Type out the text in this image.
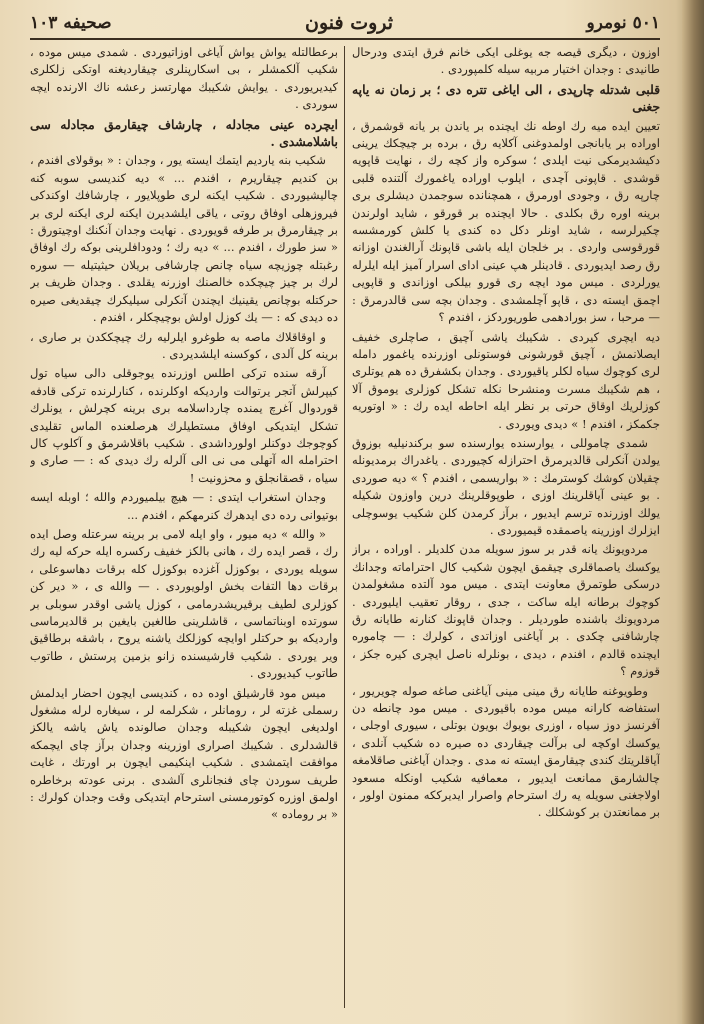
٥٠١ نومرو
ثروت فنون
صحيفه ١٠٣

اوزون ، ديگرى قيصه جه يوغلى ايكى خانم فرق ايتدى ودرحال طانيدى : وجدان اختيار مربيه سيله كلمپوردى .

قلبى شدتله چارپدى ، الى اياغى تتره دى ؛ بر زمان نه ياپه جغنى

تعيين ايده ميه رك اوطه نك ايچنده بر ياندن بر يانه قوشمرق ، اوراده بر يابانجى اولمدوغنى آكلايه رق ، برده بر چيچكك يرينى دكيشديرمكى نيت ايلدى ؛ سوكره واز كچه رك ، نهايت قاپويه قوشدى . قاپونى آچدى ، ايلوب اوراده ياغمورك آلتنده قلبى چارپه رق ، وجودى اورمرق ، همچنانده سوجمدن ديشلرى برى برينه اوره رق بكلدى . حالا ايچنده بر قورقو ، شايد اولرندن چكيرلرسه ، شايد اونلر دكل ده كندى يا كلش كورمشسه قورقوسى واردى . بر خلجان ايله باشى قاپونك آرالغندن اوزانه رق رصد ايديوردى . قادينلر هپ عينى اداى اسرار آميز ايله ايلرله يورلردى . ميس مود ايچه رى قورو بيلكى اوزاندى و قاپويى اچمق ايسته دى ، قاپو آچلمشدى . وجدان بچه سى قالدرمرق : — مرحبا ، سز بورادهمى طوريوردكز ، افندم ؟

ديه ايچرى كيردى . شكيبك ياشى آچيق ، صاچلرى خفيف ايصلانمش ، آچيق قورشونى فوستونلى اوزرنده ياغمور دامله لرى كوچوك سياه لكلر ياقيوردى . وجدان بكشفرق ده هم يوتلرى ، هم شكيبك مسرت ومنشرحا نكله تشكل كوزلرى يوموق آلا كوزلريك اوقاق حرتى بر نظر ايله احاطه ايده رك : « اوتوريه جكمكز ، افندم ! » ديدى ويوردى .

شمدى چاموللى ، يوارسنده يوارسنده سو بركندنيليه بوزوق يولدن آنكرلى قالديرمرق احترازله كچيوردى . ياغدراك برمديونله چقيلان كوشك كوسترمك : « بواريسمى ، افندم ؟ » ديه صوردى . بو عينى آياقلرينك اوزى ، طوپوقلرينك درين واوزون شكيله يولك اوزرنده ترسم ايديور ، برآز كرمدن كلن شكيب يوسوچلى ايزلرك اوزرينه ياصمقده قيميوردى .

مردويونك يانه قدر بر سوز سويله مدن كلديلر . اوراده ، براز يوكسك ياصماقلرى چيقمق ايچون شكيب كال احتراماته وجدانك درسكى طوتمرق معاونت ايتدى . ميس مود آلتده مشغولمدن كوچوك برطانه ايله ساكت ، جدى ، روقار تعقيب ايليوردى . مردويونك باشنده طورديلر . وجدان قاپونك كنارنه طايانه رق چارشافنى چكدى . بر آياغنى اوزاتدى ، كولرك : — چاموره ايچنده قالدم ، افندم ، ديدى ، بونلرله ناصل ايچرى كيره جكز ، قوزوم ؟

وطويوغنه طايانه رق مينى مينى آياغنى صاغه صوله چويريور ، استفاضه كارانه ميس موده باقيوردى . ميس مود چانطه دن آفرنسز دوز سياه ، اوزرى بويوك بويون بوتلى ، سيورى اوجلى ، يوكسك اوكچه لى برآلت چيقاردى ده صيره ده شكيب آنلدى ، آياقلريتك كندى چيقارمق ايسته نه مدى . وجدان آياغنى صاقلامغه چالشارمق ممانعت ايديور ، معمافيه شكيب اونكله مسعود اولاجغنى سويله يه رك استرحام واصرار ايديرككه ممنون اولور ، بر ممانعتدن بر كوشكلك .

برعطالتله يواش يواش آياغى اوزاتيوردى . شمدى ميس موده ، شكيب آلكمشلر ، بى اسكارپنلرى چيقارديغنه اوتكى زلكلرى كيديريوردى . يوايش شكيبك مهارتسز رعشه ناك الارنده ايچه سوردى .

ايچرده عينى مجادله ، چارشاف چيقارمق مجادله سى باشلامشدى .

شكيب بنه يارديم ايتمك ايسته يور ، وجدان : « بوقولاى افندم ، بن كنديم چيقاريرم ، افندم ... » ديه كنديسى سوبه كنه چاليشيوردى . شكيب ايكنه لرى طوپلايور ، چارشافك اوكندكى فيروزهلى اوفاق روتى ، ياقى ايلشديرن ايكنه لرى ايكنه لرى بر بر چيقارمرق بر طرفه قويوردى . نهايت وجدان آنكنك اوچيتورق : « سز طورك ، افندم ... » ديه رك ؛ ودودافلرينى بوكه رك اوفاق رغبتله چوزيچه سياه چانص چارشافى بريلان حيثيتيله — سوره لرك بر چيز چيچكده خالصنك اوزرنه يقلدى . وجدان ظريف بر حركتله بوچانص يقينيك ايچندن آنكرلى سيليكرك چيقديغى صيره ده ديدى كه : — يك كوزل اولش بوچيچكلر ، افندم .

و اوقاقلاك ماصه به طوغرو ايلرليه رك چيچككدن بر صارى ، برينه كل آلدى ، كوكسنه ايلشديردى .

آرقه سنده تركى اطلس اوزرنده يوجوقلى دالى سياه تول كيپرلش آتجر يرتوالت وارديكه اوكلرنده ، كنارلرنده تركى قادفه قوردوال آغرچ يمنده چارداسلامه برى برينه كچرلش ، يونلرك تشكل ايتديكى اوفاق مستطيلرك هرصلعنده الماس تقليدى كوچوجك دوكنلر اولورداشدى . شكيب باقلاشرمق و آكلوپ كال احترامله اله آتهلى مى نى الى آلرله رك ديدى كه : — صارى و سياه ، قصقانجلق و محزونيت !

وجدان استغراب ايتدى : — هيچ بيلميوردم والله ؛ اوبله ايسه بوتيوانى رده دى ايدهرك كنرمهكم ، افندم ...

« والله » ديه ميور ، واو ايله لامى بر برينه سرعتله وصل ايده رك ، قصر ايده رك ، هانى بالكز خفيف ركسره ايله حركه ليه رك سويله يوردى ، بوكوزل آغزده بوكوزل كله برقات دهاسوعلى ، برقات دها التفات بخش اولويوردى . — والله ى ، « دير كن كوزلرى لطيف برقيريشدرمامى ، كوزل ياشى اوقدر سوبلى بر سورتده اوبناتماسى ، قاشلرينى طالغين بايغين بر قالديرماسى وارديكه بو حركتلر اوايچه كوزلكك ياشنه يروح ، باشقه برطاقيق وير يوردى . شكيب قارشيسنده زانو بزمين پرستش ، طاتوب طاتوب كيديوردى .

ميس مود قارشيلق اوده ده ، كنديسى ايچون احضار ايدلمش رسملى غزته لر ، رومانلر ، شكرلمه لر ، سيغاره لرله مشغول اولديغى ايچون شكيبله وجدان صالونده ياش ياشه يالكز قالشدلرى . شكيبك اصرارى اوزرينه وجدان برآز چاى ايچمكه موافقت ايتمشدى . شكيب اينكيمى ايچون بر اورتك ، غايت طريف سوردن چاى فنجانلرى آلشدى . برنى عودته برخاطره اولمق اوزره كوتورمسنى استرحام ايتديكى وقت وجدان كولرك : « بر روماده »
